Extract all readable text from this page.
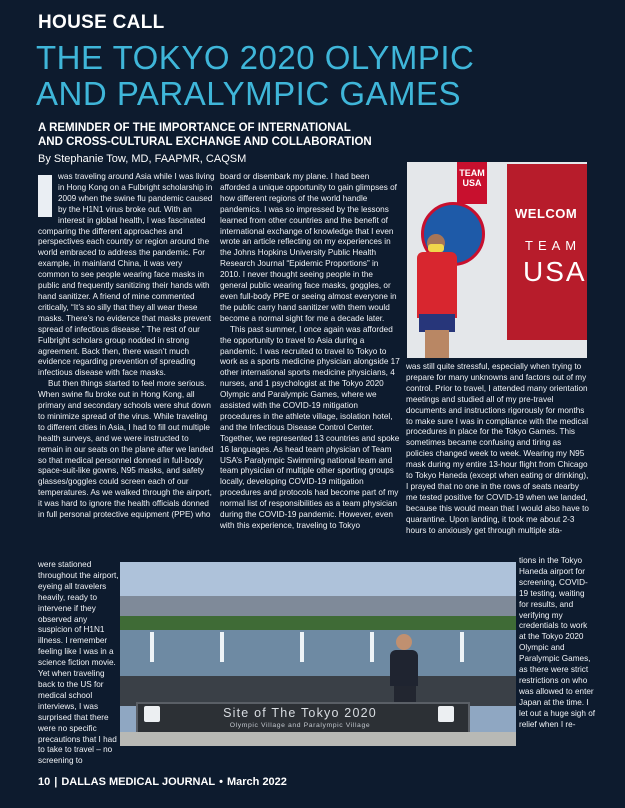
HOUSE CALL
THE TOKYO 2020 OLYMPIC
AND PARALYMPIC GAMES
A REMINDER OF THE IMPORTANCE OF INTERNATIONAL
AND CROSS-CULTURAL EXCHANGE AND COLLABORATION
By Stephanie Tow, MD, FAAPMR, CAQSM

was traveling around Asia while I was living in Hong Kong on a Fulbright scholarship in 2009 when the swine flu pandemic caused by the H1N1 virus broke out. With an interest in global health, I was fascinated comparing the different approaches and perspectives each country or region around the world embraced to address the pandemic. For example, in mainland China, it was very common to see people wearing face masks in public and frequently sanitizing their hands with hand sanitizer. A friend of mine commented critically, “It’s so silly that they all wear these masks. There’s no evidence that masks prevent spread of infectious disease.” The rest of our Fulbright scholars group nodded in strong agreement. Back then, there wasn’t much evidence regarding prevention of spreading infectious disease with face masks.

But then things started to feel more serious. When swine flu broke out in Hong Kong, all primary and secondary schools were shut down to minimize spread of the virus. While traveling to different cities in Asia, I had to fill out multiple health surveys, and we were instructed to remain in our seats on the plane after we landed so that medical personnel donned in full-body space-suit-like gowns, N95 masks, and safety glasses/goggles could screen each of our temperatures. As we walked through the airport, it was hard to ignore the health officials donned in full personal protective equipment (PPE) who

were stationed throughout the airport, eyeing all travelers heavily, ready to intervene if they observed any suspicion of H1N1 illness. I remember feeling like I was in a science fiction movie. Yet when traveling back to the US for medical school interviews, I was surprised that there were no specific precautions that I had to take to travel – no screening to

board or disembark my plane. I had been afforded a unique opportunity to gain glimpses of how different regions of the world handle pandemics. I was so impressed by the lessons learned from other countries and the benefit of international exchange of knowledge that I even wrote an article reflecting on my experiences in the Johns Hopkins University Public Health Research Journal “Epidemic Proportions” in 2010. I never thought seeing people in the general public wearing face masks, goggles, or even full-body PPE or seeing almost everyone in the public carry hand sanitizer with them would become a normal sight for me a decade later.

This past summer, I once again was afforded the opportunity to travel to Asia during a pandemic. I was recruited to travel to Tokyo to work as a sports medicine physician alongside 17 other international sports medicine physicians, 4 nurses, and 1 psychologist at the Tokyo 2020 Olympic and Paralympic Games, where we assisted with the COVID-19 mitigation procedures in the athlete village, isolation hotel, and the Infectious Disease Control Center. Together, we represented 13 countries and spoke 16 languages. As head team physician of Team USA’s Paralympic Swimming national team and team physician of multiple other sporting groups locally, developing COVID-19 mitigation procedures and protocols had become part of my normal list of responsibilities as a team physician during the COVID-19 pandemic. However, even with this experience, traveling to Tokyo

WELCOM
TEAM
USA
TEAM USA

was still quite stressful, especially when trying to prepare for many unknowns and factors out of my control. Prior to travel, I attended many orientation meetings and studied all of my pre-travel documents and instructions rigorously for months to make sure I was in compliance with the medical procedures in place for the Tokyo Games. This sometimes became confusing and tiring as policies changed week to week. Wearing my N95 mask during my entire 13-hour flight from Chicago to Tokyo Haneda (except when eating or drinking), I prayed that no one in the rows of seats nearby me tested positive for COVID-19 when we landed, because this would mean that I would also have to quarantine. Upon landing, it took me about 2-3 hours to anxiously get through multiple sta-

tions in the Tokyo Haneda airport for screening, COVID-19 testing, waiting for results, and verifying my credentials to work at the Tokyo 2020 Olympic and Paralympic Games, as there were strict restrictions on who was allowed to enter Japan at the time. I let out a huge sigh of relief when I re-

Site of The Tokyo 2020
Olympic Village and Paralympic Village
10 | DALLAS MEDICAL JOURNAL • March 2022
